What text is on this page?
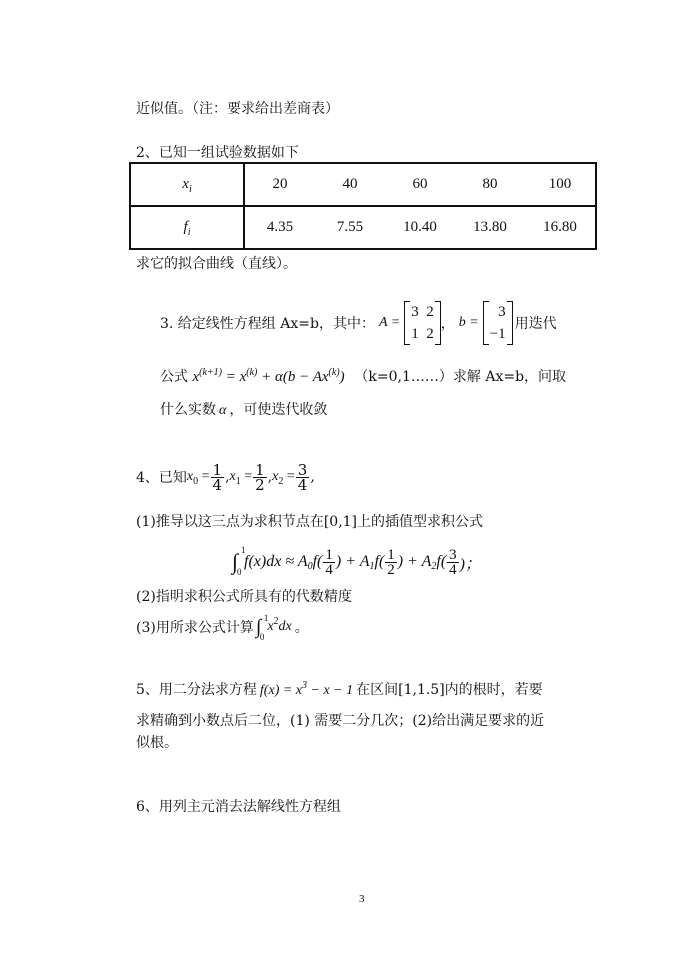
近似值。（注：要求给出差商表）
2、已知一组试验数据如下
$x_i$	20 40 60 80 100

$f_i$	4.35 7.55 10.40 13.80 16.80
求它的拟合曲线（直线）。
3. 给定线性方程组 Ax=b，其中： A =
3  2
1  2
， b =
3
−1
用迭代
公式 $x^{(k+1)} = x^{(k)} + \alpha(b - Ax^{(k)})$ （k=0,1……）求解 Ax=b，问取
什么实数 α ，可使迭代收敛
4、已知 $x_0 = \frac{1}{4}$ , $x_1 = \frac{1}{2}$ , $x_2 = \frac{3}{4}$ ,
(1)推导以这三点为求积节点在[0,1]上的插值型求积公式
∫ 1
0
f(x)dx ≈ A 0 $f( \frac{1}{4}$ ) + A 1 $f( \frac{1}{2}$ ) + A 2 $f( \frac{3}{4}$ )；
(2)指明求积公式所具有的代数精度
(3)用所求公式计算 ∫ 1
0
$x^2dx$ 。
5、用二分法求方程 $f(x) = x^3 - x - 1$ 在区间[1,1.5]内的根时，若要
求精确到小数点后二位，(1) 需要二分几次；(2)给出满足要求的近
似根。
6、用列主元消去法解线性方程组
3
